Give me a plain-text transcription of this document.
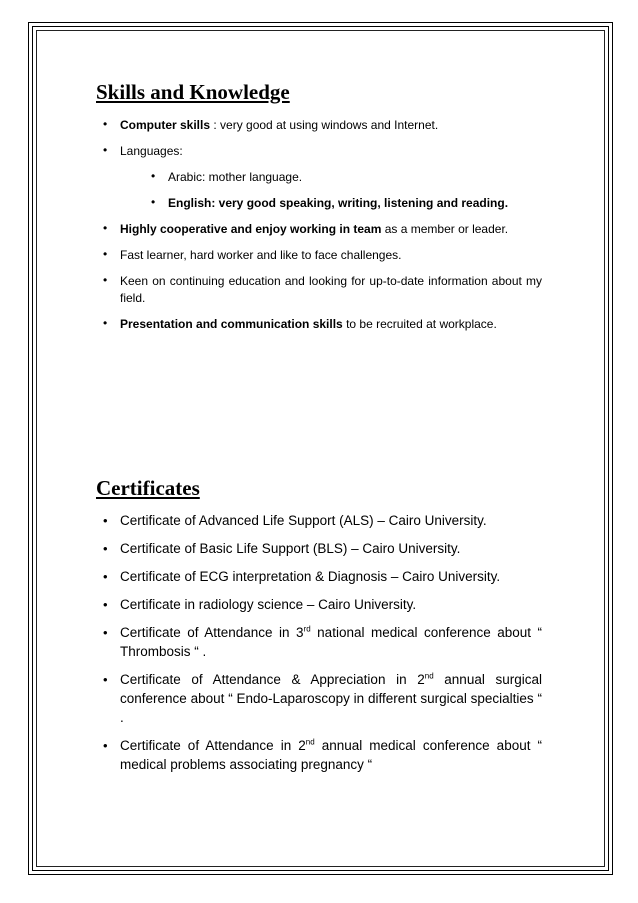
Skills and Knowledge
• Computer skills : very good at using windows and Internet.
• Languages:
• Arabic: mother language.
• English: very good speaking, writing, listening and reading.
• Highly cooperative and enjoy working in team as a member or leader.
• Fast learner, hard worker and like to face challenges.
• Keen on continuing education and looking for up-to-date information about my field.
• Presentation and communication skills to be recruited at workplace.
Certificates
• Certificate of Advanced Life Support (ALS) – Cairo University.
• Certificate of Basic Life Support (BLS) – Cairo University.
• Certificate of ECG interpretation & Diagnosis – Cairo University.
• Certificate in radiology science – Cairo University.
• Certificate of Attendance in 3rd national medical conference about “ Thrombosis “ .
• Certificate of Attendance & Appreciation in 2nd annual surgical conference about “ Endo-Laparoscopy in different surgical specialties “ .
• Certificate of Attendance in 2nd annual medical conference about “ medical problems associating pregnancy “
